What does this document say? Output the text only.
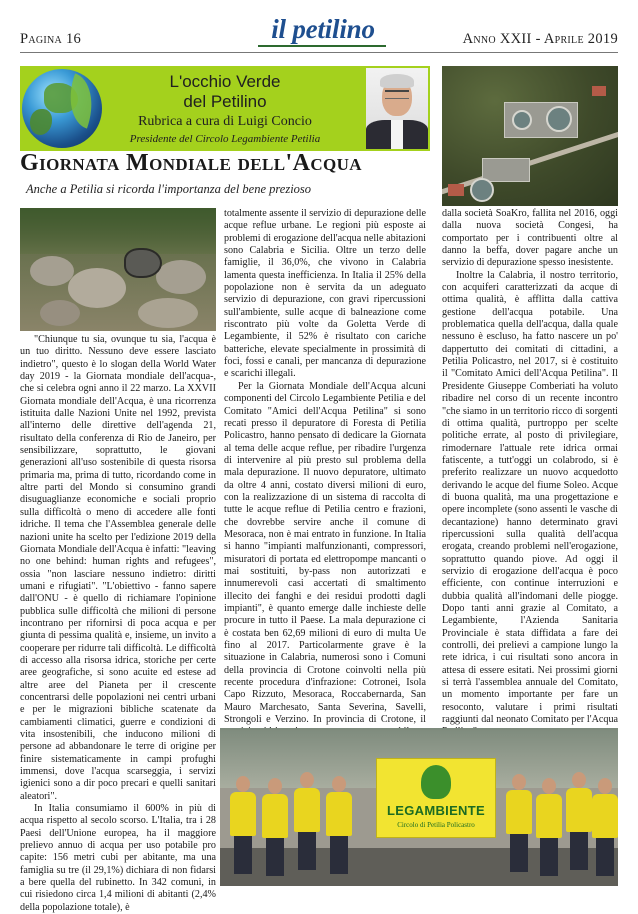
Pagina 16	il petilino	Anno XXII - Aprile 2019
L'occhio Verde
del Petilino
Rubrica a cura di Luigi Concio
Presidente del Circolo Legambiente Petilia
Giornata Mondiale dell'Acqua
Anche a Petilia si ricorda l'importanza del bene prezioso

"Chiunque tu sia, ovunque tu sia, l'acqua è un tuo diritto. Nessuno deve essere lasciato indietro", questo è lo slogan della World Water day 2019 - la Giornata mondiale dell'acqua-, che si celebra ogni anno il 22 marzo. La XXVII Giornata mondiale dell'Acqua, è una ricorrenza istituita dalle Nazioni Unite nel 1992, prevista all'interno delle direttive dell'agenda 21, risultato della conferenza di Rio de Janeiro, per sensibilizzare, soprattutto, le giovani generazioni all'uso sostenibile di questa risorsa primaria ma, prima di tutto, ricordando come in altre parti del Mondo si consumino grandi disuguaglianze economiche e sociali proprio sulla difficoltà o meno di accedere alle fonti idriche. Il tema che l'Assemblea generale delle nazioni unite ha scelto per l'edizione 2019 della Giornata Mondiale dell'Acqua è infatti: "leaving no one behind: human rights and refugees", ossia "non lasciare nessuno indietro: diritti umani e rifugiati". "L'obiettivo - fanno sapere dall'ONU - è quello di richiamare l'opinione pubblica sulle difficoltà che milioni di persone incontrano per rifornirsi di poca acqua e per giunta di pessima qualità e, insieme, un invito a cooperare per ridurre tali difficoltà. Le difficoltà di accesso alla risorsa idrica, storiche per certe aree geografiche, si sono acuite ed estese ad altre aree del Pianeta per il crescente concentrarsi delle popolazioni nei centri urbani e per le migrazioni bibliche scatenate da cambiamenti climatici, guerre e condizioni di vita insostenibili, che inducono milioni di persone ad abbandonare le terre di origine per finire sistematicamente in campi profughi immensi, dove l'acqua scarseggia, i servizi igienici sono a dir poco precari e quelli sanitari aleatori".

In Italia consumiamo il 600% in più di acqua rispetto al secolo scorso. L'Italia, tra i 28 Paesi dell'Unione europea, ha il maggiore prelievo annuo di acqua per uso potabile pro capite: 156 metri cubi per abitante, ma una famiglia su tre (il 29,1%) dichiara di non fidarsi a bere quella del rubinetto. In 342 comuni, in cui risiedono circa 1,4 milioni di abitanti (2,4% della popolazione totale), è

totalmente assente il servizio di depurazione delle acque reflue urbane. Le regioni più esposte ai problemi di erogazione dell'acqua nelle abitazioni sono Calabria e Sicilia. Oltre un terzo delle famiglie, il 36,0%, che vivono in Calabria lamenta questa inefficienza. In Italia il 25% della popolazione non è servita da un adeguato servizio di depurazione, con gravi ripercussioni sull'ambiente, sulle acque di balneazione come riscontrato più volte da Goletta Verde di Legambiente, il 52% è risultato con cariche batteriche, elevate specialmente in prossimità di foci, fossi e canali, per mancanza di depurazione e scarichi illegali.

Per la Giornata Mondiale dell'Acqua alcuni componenti del Circolo Legambiente Petilia e del Comitato "Amici dell'Acqua Petilina" si sono recati presso il depuratore di Foresta di Petilia Policastro, hanno pensato di dedicare la Giornata al tema delle acque reflue, per ribadire l'urgenza di intervenire al più presto sul problema della mala depurazione. Il nuovo depuratore, ultimato da oltre 4 anni, costato diversi milioni di euro, con la realizzazione di un sistema di raccolta di tutte le acque reflue di Petilia centro e frazioni, che dovrebbe servire anche il comune di Mesoraca, non è mai entrato in funzione. In Italia si hanno "impianti malfunzionanti, compressori, misuratori di portata ed elettropompe mancanti o mai sostituiti, by-pass non autorizzati e innumerevoli casi accertati di smaltimento illecito dei fanghi e dei residui prodotti dagli impianti", è quanto emerge dalle inchieste delle procure in tutto il Paese. La mala depurazione ci è costata ben 62,69 milioni di euro di multa Ue fino al 2017. Particolarmente grave è la situazione in Calabria, numerosi sono i Comuni della provincia di Crotone coinvolti nella più recente procedura d'infrazione: Cotronei, Isola Capo Rizzuto, Mesoraca, Roccabernarda, San Mauro Marchesato, Santa Severina, Savelli, Strongoli e Verzino. In provincia di Crotone, il

dalla società SoaKro, fallita nel 2016, oggi dalla nuova società Congesi, ha comportato per i contribuenti oltre al danno la beffa, dover pagare anche un servizio di depurazione spesso inesistente.

Inoltre la Calabria, il nostro territorio, con acquiferi caratterizzati da acque di ottima qualità, è afflitta dalla cattiva gestione dell'acqua potabile. Una problematica quella dell'acqua, dalla quale nessuno è escluso, ha fatto nascere un po' dappertutto dei comitati di cittadini, a Petilia Policastro, nel 2017, si è costituito il "Comitato Amici dell'Acqua Petilina". Il Presidente Giuseppe Comberiati ha voluto ribadire nel corso di un recente incontro "che siamo in un territorio ricco di sorgenti di ottima qualità, purtroppo per scelte politiche errate, al posto di privilegiare, rimodernare l'attuale rete idrica ormai fatiscente, a tutt'oggi un colabrodo, si è preferito realizzare un nuovo acquedotto derivando le acque del fiume Soleo. Acque di buona qualità, ma una progettazione e opere incomplete (sono assenti le vasche di decantazione) hanno determinato gravi ripercussioni sulla qualità dell'acqua erogata, creando problemi nell'erogazione, soprattutto quando piove. Ad oggi il servizio di erogazione dell'acqua è poco efficiente, con continue interruzioni e dubbia qualità all'indomani delle piogge. Dopo tanti anni grazie al Comitato, a Legambiente, l'Azienda Sanitaria Provinciale è stata diffidata a fare dei controlli, dei prelievi a campione lungo la rete idrica, i cui risultati sono ancora in attesa di essere esitati. Nei prossimi giorni si terrà l'assemblea annuale del Comitato, un momento importante per fare un resoconto, valutare i primi risultati raggiunti dal neonato Comitato per l'Acqua

LEGAMBIENTE
Circolo di Petilia Policastro
